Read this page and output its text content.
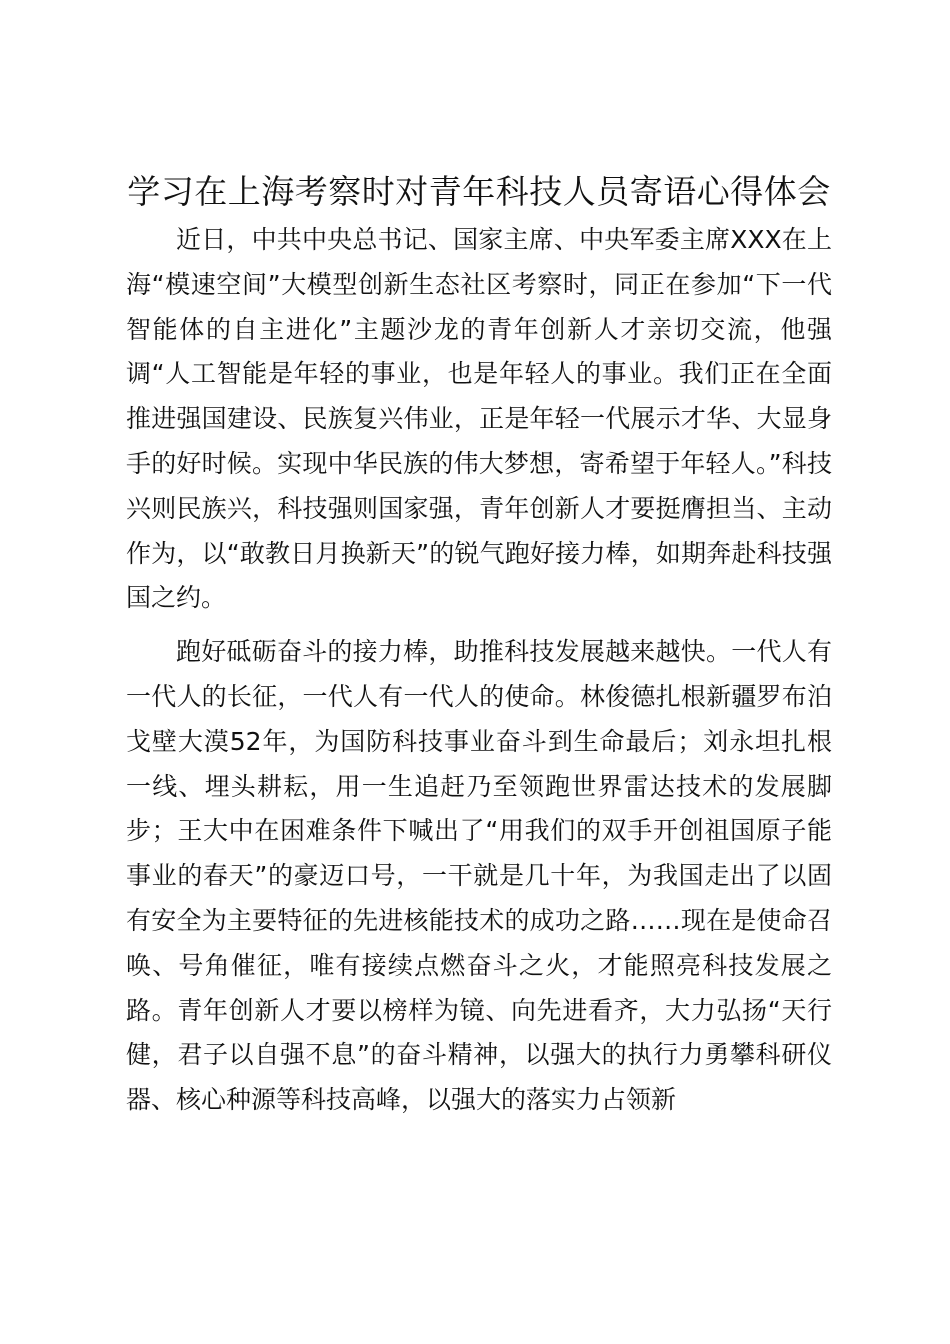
学习在上海考察时对青年科技人员寄语心得体会

近日，中共中央总书记、国家主席、中央军委主席XXX在上海“模速空间”大模型创新生态社区考察时，同正在参加“下一代智能体的自主进化”主题沙龙的青年创新人才亲切交流，他强调“人工智能是年轻的事业，也是年轻人的事业。我们正在全面推进强国建设、民族复兴伟业，正是年轻一代展示才华、大显身手的好时候。实现中华民族的伟大梦想，寄希望于年轻人。”科技兴则民族兴，科技强则国家强，青年创新人才要挺膺担当、主动作为，以“敢教日月换新天”的锐气跑好接力棒，如期奔赴科技强国之约。

跑好砥砺奋斗的接力棒，助推科技发展越来越快。一代人有一代人的长征，一代人有一代人的使命。林俊德扎根新疆罗布泊戈壁大漠52年，为国防科技事业奋斗到生命最后；刘永坦扎根一线、埋头耕耘，用一生追赶乃至领跑世界雷达技术的发展脚步；王大中在困难条件下喊出了“用我们的双手开创祖国原子能事业的春天”的豪迈口号，一干就是几十年，为我国走出了以固有安全为主要特征的先进核能技术的成功之路……现在是使命召唤、号角催征，唯有接续点燃奋斗之火，才能照亮科技发展之路。青年创新人才要以榜样为镜、向先进看齐，大力弘扬“天行健，君子以自强不息”的奋斗精神，以强大的执行力勇攀科研仪器、核心种源等科技高峰，以强大的落实力占领新
